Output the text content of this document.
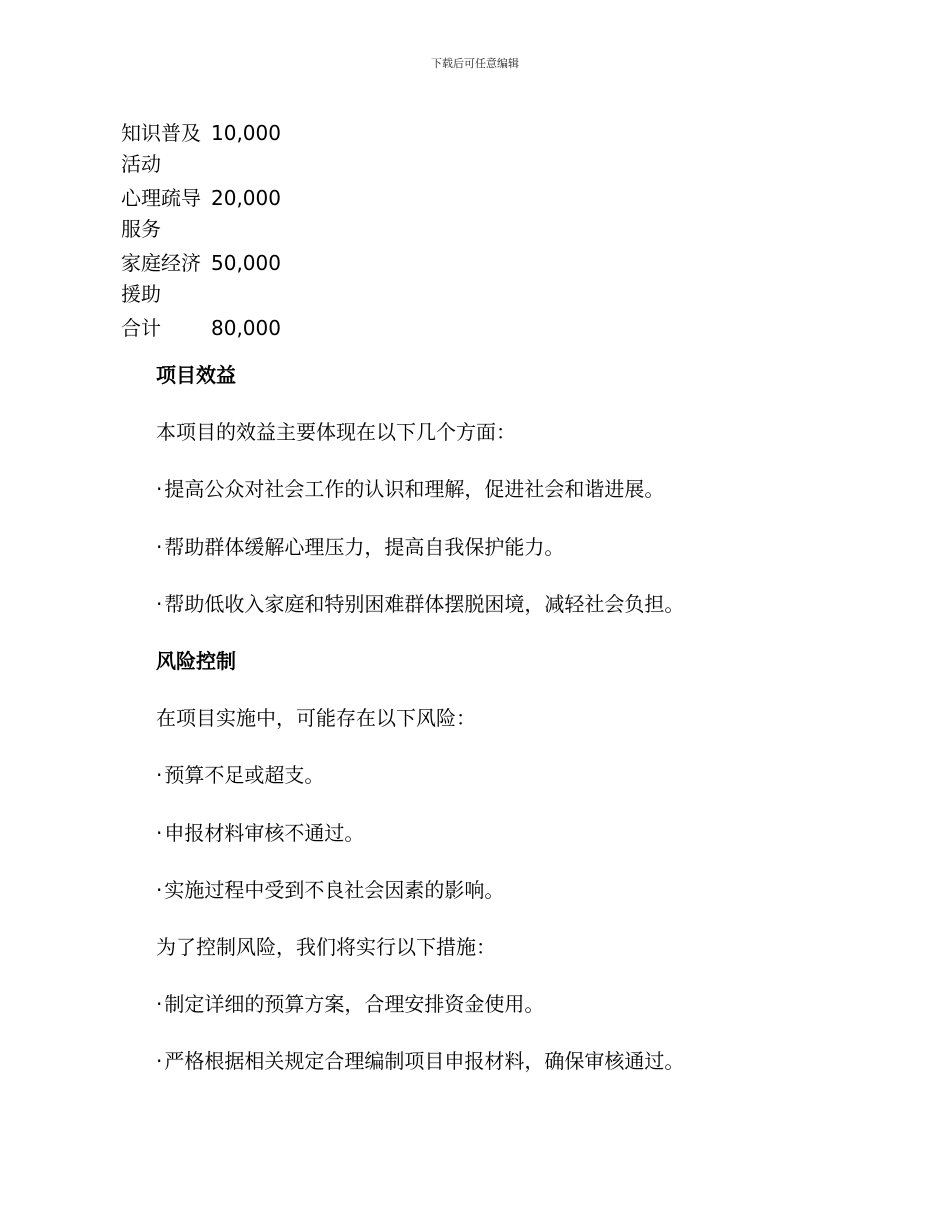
下载后可任意编辑
知识普及活动	10,000
心理疏导服务	20,000
家庭经济援助	50,000
合计	80,000
项目效益

本项目的效益主要体现在以下几个方面：

· 提高公众对社会工作的认识和理解，促进社会和谐进展。

· 帮助群体缓解心理压力，提高自我保护能力。

· 帮助低收入家庭和特别困难群体摆脱困境，减轻社会负担。

风险控制

在项目实施中，可能存在以下风险：

· 预算不足或超支。

· 申报材料审核不通过。

· 实施过程中受到不良社会因素的影响。

为了控制风险，我们将实行以下措施：

· 制定详细的预算方案，合理安排资金使用。

· 严格根据相关规定合理编制项目申报材料，确保审核通过。
